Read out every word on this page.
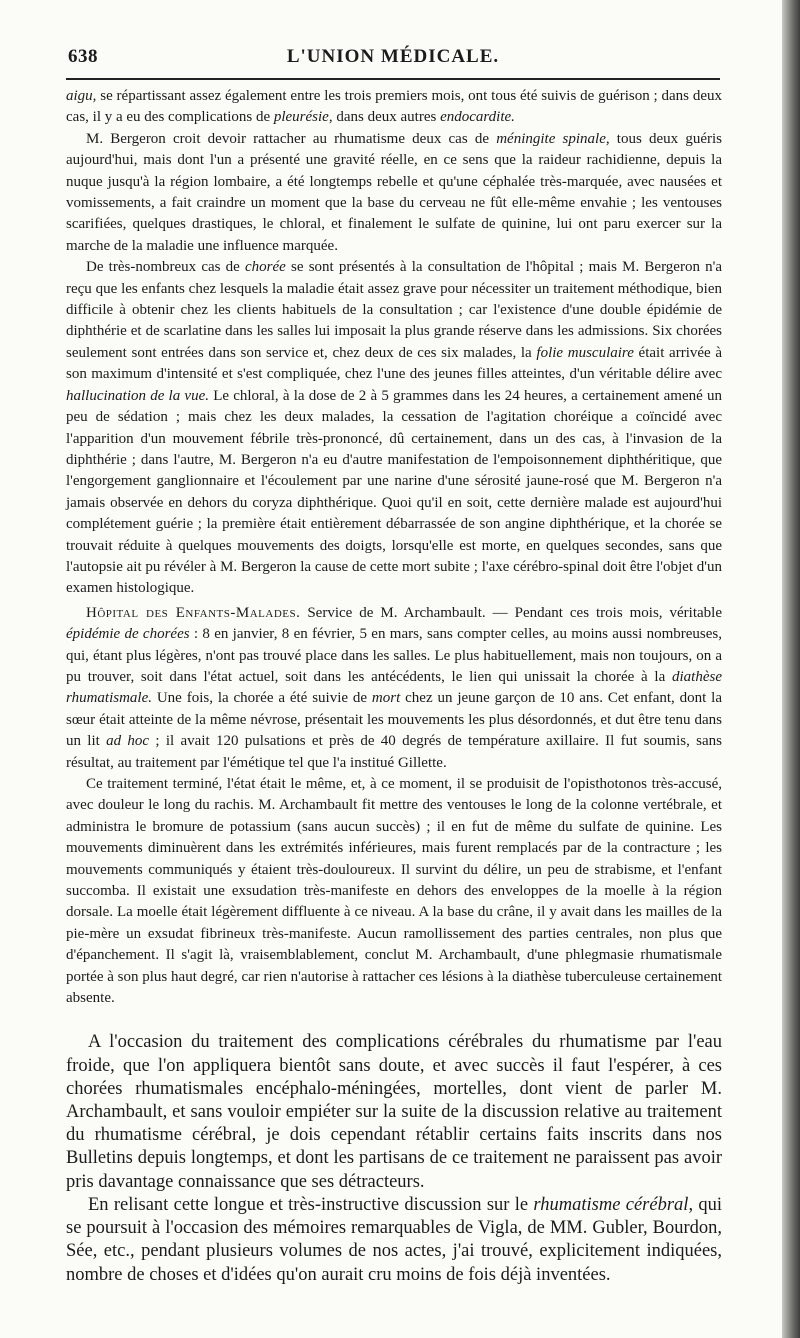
L'UNION MÉDICALE.
638

aigu, se répartissant assez également entre les trois premiers mois, ont tous été suivis de guérison ; dans deux cas, il y a eu des complications de pleurésie, dans deux autres endocardite.

M. Bergeron croit devoir rattacher au rhumatisme deux cas de méningite spinale, tous deux guéris aujourd'hui, mais dont l'un a présenté une gravité réelle, en ce sens que la raideur rachidienne, depuis la nuque jusqu'à la région lombaire, a été longtemps rebelle et qu'une céphalée très-marquée, avec nausées et vomissements, a fait craindre un moment que la base du cerveau ne fût elle-même envahie ; les ventouses scarifiées, quelques drastiques, le chloral, et finalement le sulfate de quinine, lui ont paru exercer sur la marche de la maladie une influence marquée.

De très-nombreux cas de chorée se sont présentés à la consultation de l'hôpital ; mais M. Bergeron n'a reçu que les enfants chez lesquels la maladie était assez grave pour nécessiter un traitement méthodique, bien difficile à obtenir chez les clients habituels de la consultation ; car l'existence d'une double épidémie de diphthérie et de scarlatine dans les salles lui imposait la plus grande réserve dans les admissions. Six chorées seulement sont entrées dans son service et, chez deux de ces six malades, la folie musculaire était arrivée à son maximum d'intensité et s'est compliquée, chez l'une des jeunes filles atteintes, d'un véritable délire avec hallucination de la vue. Le chloral, à la dose de 2 à 5 grammes dans les 24 heures, a certainement amené un peu de sédation ; mais chez les deux malades, la cessation de l'agitation choréique a coïncidé avec l'apparition d'un mouvement fébrile très-prononcé, dû certainement, dans un des cas, à l'invasion de la diphthérie ; dans l'autre, M. Bergeron n'a eu d'autre manifestation de l'empoisonnement diphthéritique, que l'engorgement ganglionnaire et l'écoulement par une narine d'une sérosité jaune-rosé que M. Bergeron n'a jamais observée en dehors du coryza diphthérique. Quoi qu'il en soit, cette dernière malade est aujourd'hui complétement guérie ; la première était entièrement débarrassée de son angine diphthérique, et la chorée se trouvait réduite à quelques mouvements des doigts, lorsqu'elle est morte, en quelques secondes, sans que l'autopsie ait pu révéler à M. Bergeron la cause de cette mort subite ; l'axe cérébro-spinal doit être l'objet d'un examen histologique.

Hôpital des Enfants-Malades. Service de M. Archambault. — Pendant ces trois mois, véritable épidémie de chorées : 8 en janvier, 8 en février, 5 en mars, sans compter celles, au moins aussi nombreuses, qui, étant plus légères, n'ont pas trouvé place dans les salles. Le plus habituellement, mais non toujours, on a pu trouver, soit dans l'état actuel, soit dans les antécédents, le lien qui unissait la chorée à la diathèse rhumatismale. Une fois, la chorée a été suivie de mort chez un jeune garçon de 10 ans. Cet enfant, dont la sœur était atteinte de la même névrose, présentait les mouvements les plus désordonnés, et dut être tenu dans un lit ad hoc ; il avait 120 pulsations et près de 40 degrés de température axillaire. Il fut soumis, sans résultat, au traitement par l'émétique tel que l'a institué Gillette.

Ce traitement terminé, l'état était le même, et, à ce moment, il se produisit de l'opisthotonos très-accusé, avec douleur le long du rachis. M. Archambault fit mettre des ventouses le long de la colonne vertébrale, et administra le bromure de potassium (sans aucun succès) ; il en fut de même du sulfate de quinine. Les mouvements diminuèrent dans les extrémités inférieures, mais furent remplacés par de la contracture ; les mouvements communiqués y étaient très-douloureux. Il survint du délire, un peu de strabisme, et l'enfant succomba. Il existait une exsudation très-manifeste en dehors des enveloppes de la moelle à la région dorsale. La moelle était légèrement diffluente à ce niveau. A la base du crâne, il y avait dans les mailles de la pie-mère un exsudat fibrineux très-manifeste. Aucun ramollissement des parties centrales, non plus que d'épanchement. Il s'agit là, vraisemblablement, conclut M. Archambault, d'une phlegmasie rhumatismale portée à son plus haut degré, car rien n'autorise à rattacher ces lésions à la diathèse tuberculeuse certainement absente.

A l'occasion du traitement des complications cérébrales du rhumatisme par l'eau froide, que l'on appliquera bientôt sans doute, et avec succès il faut l'espérer, à ces chorées rhumatismales encéphalo-méningées, mortelles, dont vient de parler M. Archambault, et sans vouloir empiéter sur la suite de la discussion relative au traitement du rhumatisme cérébral, je dois cependant rétablir certains faits inscrits dans nos Bulletins depuis longtemps, et dont les partisans de ce traitement ne paraissent pas avoir pris davantage connaissance que ses détracteurs.

En relisant cette longue et très-instructive discussion sur le rhumatisme cérébral, qui se poursuit à l'occasion des mémoires remarquables de Vigla, de MM. Gubler, Bourdon, Sée, etc., pendant plusieurs volumes de nos actes, j'ai trouvé, explicitement indiquées, nombre de choses et d'idées qu'on aurait cru moins de fois déjà inventées.
